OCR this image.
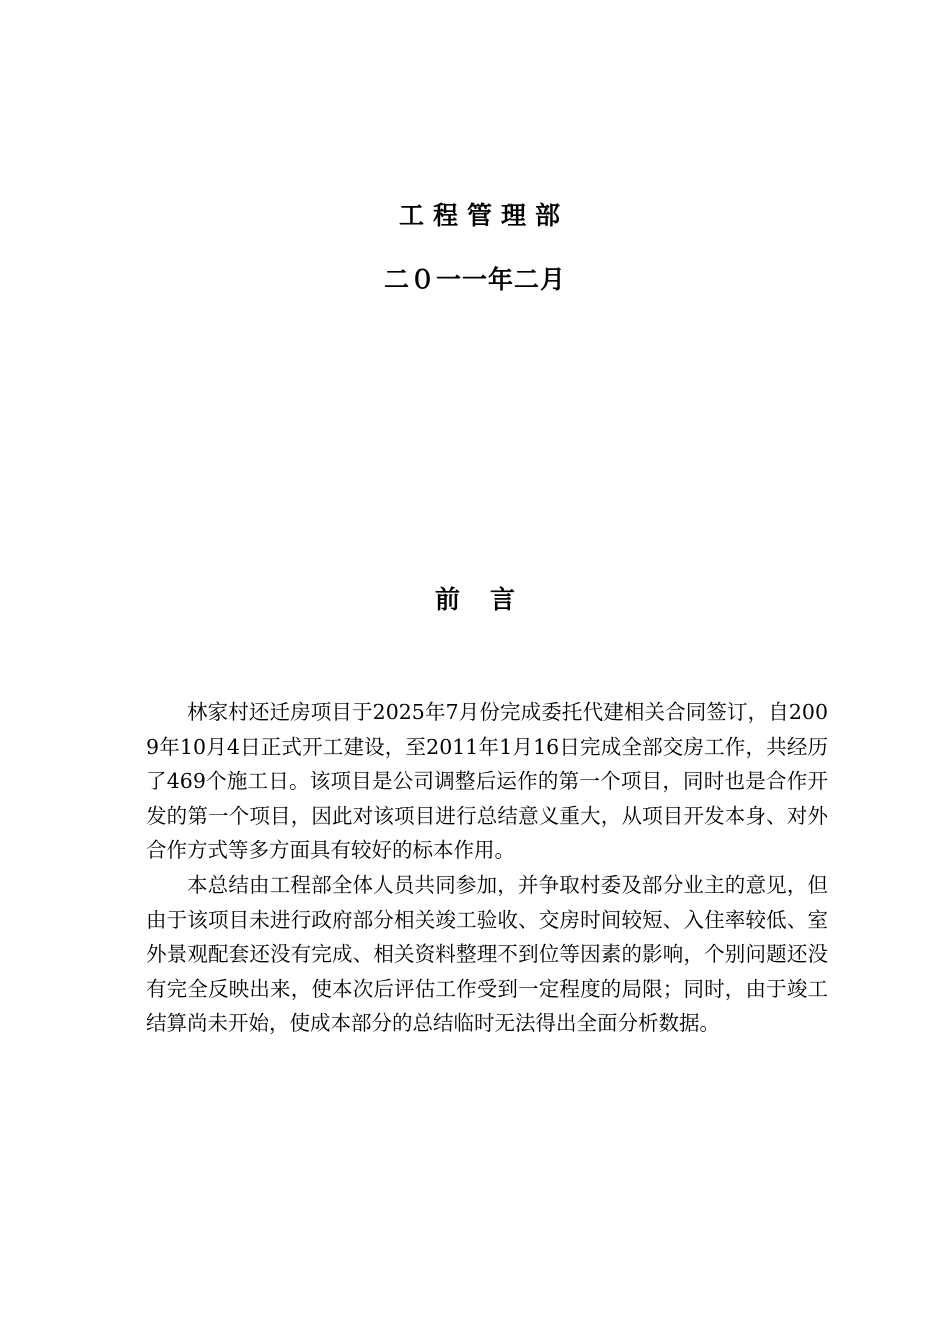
工程管理部
二０一一年二月
前言

林家村还迁房项目于2025年7月份完成委托代建相关合同签订，自2009年10月4日正式开工建设，至2011年1月16日完成全部交房工作，共经历了469个施工日。该项目是公司调整后运作的第一个项目，同时也是合作开发的第一个项目，因此对该项目进行总结意义重大，从项目开发本身、对外合作方式等多方面具有较好的标本作用。

本总结由工程部全体人员共同参加，并争取村委及部分业主的意见，但由于该项目未进行政府部分相关竣工验收、交房时间较短、入住率较低、室外景观配套还没有完成、相关资料整理不到位等因素的影响，个别问题还没有完全反映出来，使本次后评估工作受到一定程度的局限；同时，由于竣工结算尚未开始，使成本部分的总结临时无法得出全面分析数据。
